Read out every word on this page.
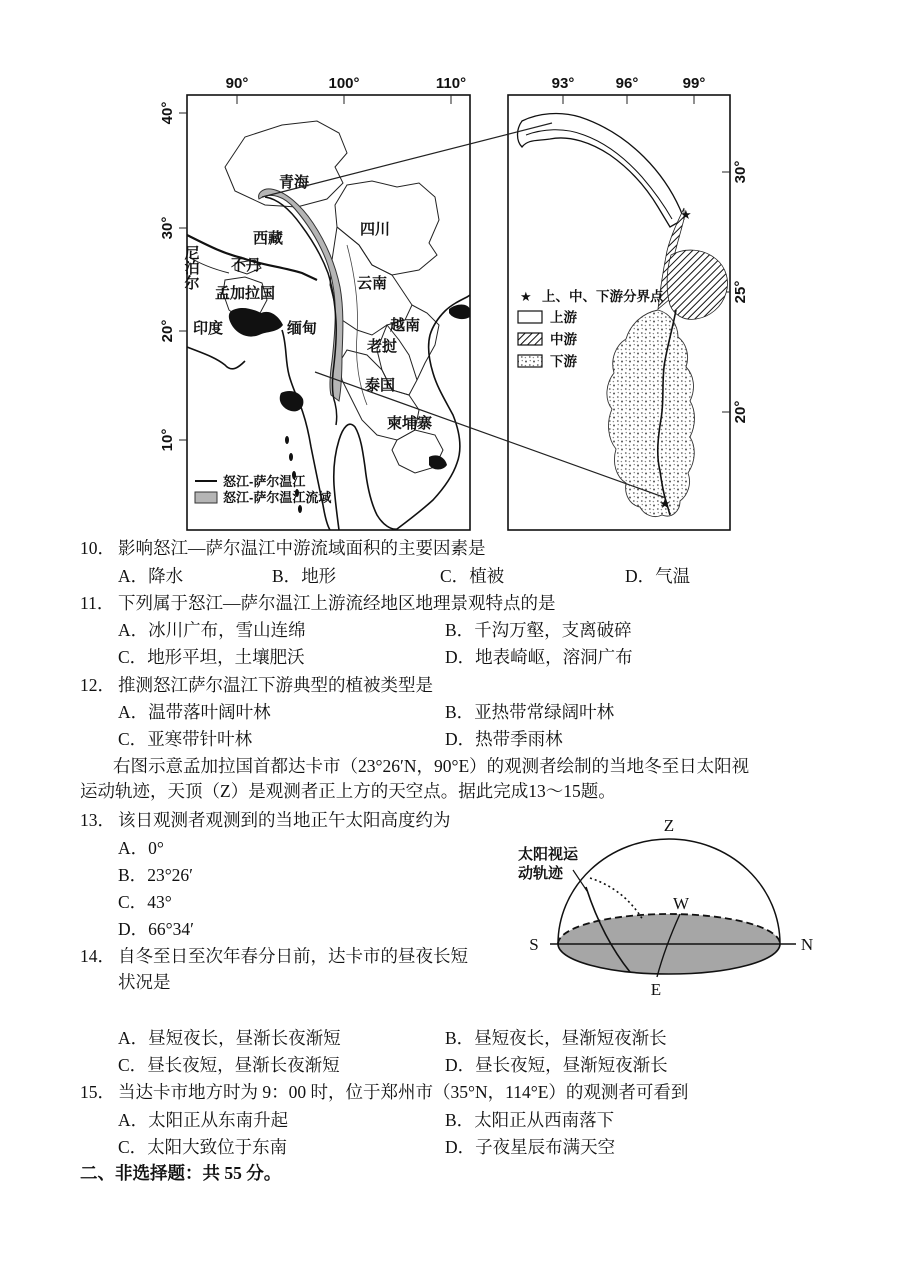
90°	100°	110°
40°
30°
20°
10°
青海
四川
西藏
云南
尼泊尔 不丹
孟加拉国
印度	缅甸	越南
老挝
泰国
柬埔寨
怒江-萨尔温江
怒江-萨尔温江流域
93°	96°	99°
30°
25°
20°
★
★
★ 上、中、下游分界点
上游
中游
下游
太阳视运
动轨迹
Z
W
S	N
E
10． 影响怒江—萨尔温江中游流域面积的主要因素是
A．降水	B．地形	C．植被	D．气温
11． 下列属于怒江—萨尔温江上游流经地区地理景观特点的是
A．冰川广布，雪山连绵	B．千沟万壑，支离破碎
C．地形平坦，土壤肥沃	D．地表崎岖，溶洞广布
12． 推测怒江萨尔温江下游典型的植被类型是
A．温带落叶阔叶林	B．亚热带常绿阔叶林
C．亚寒带针叶林	D．热带季雨林
右图示意孟加拉国首都达卡市（23°26′N，90°E）的观测者绘制的当地冬至日太阳视
运动轨迹，天顶（Z）是观测者正上方的天空点。据此完成13～15题。
13． 该日观测者观测到的当地正午太阳高度约为
A．0°
B．23°26′
C．43°
D．66°34′
14． 自冬至日至次年春分日前，达卡市的昼夜长短
状况是
A．昼短夜长，昼渐长夜渐短	B．昼短夜长，昼渐短夜渐长
C．昼长夜短，昼渐长夜渐短	D．昼长夜短，昼渐短夜渐长
15． 当达卡市地方时为 9：00 时，位于郑州市（35°N，114°E）的观测者可看到
A．太阳正从东南升起	B．太阳正从西南落下
C．太阳大致位于东南	D．子夜星辰布满天空
二、非选择题：共 55 分。
